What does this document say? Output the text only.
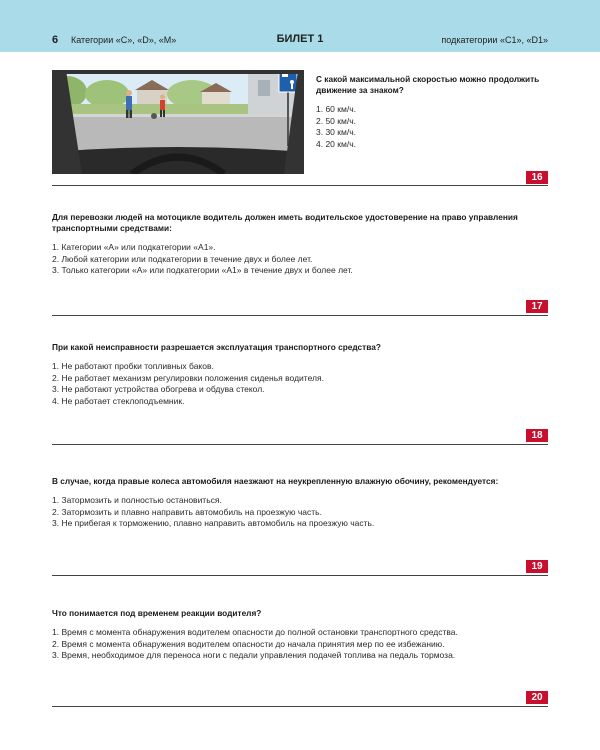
6 Категории «С», «D», «M»	БИЛЕТ 1	подкатегории «С1», «D1»

С какой максимальной скоростью можно продолжить движение за знаком?

1. 60 км/ч.
2. 50 км/ч.
3. 30 км/ч.
4. 20 км/ч.
16

Для перевозки людей на мотоцикле водитель должен иметь водительское удостоверение на право управления транспортными средствами:

1. Категории «А» или подкатегории «А1».
2. Любой категории или подкатегории в течение двух и более лет.
3. Только категории «А» или подкатегории «А1» в течение двух и более лет.
17

При какой неисправности разрешается эксплуатация транспортного средства?

1. Не работают пробки топливных баков.
2. Не работает механизм регулировки положения сиденья водителя.
3. Не работают устройства обогрева и обдува стекол.
4. Не работает стеклоподъемник.
18

В случае, когда правые колеса автомобиля наезжают на неукрепленную влажную обочину, рекомендуется:

1. Затормозить и полностью остановиться.
2. Затормозить и плавно направить автомобиль на проезжую часть.
3. Не прибегая к торможению, плавно направить автомобиль на проезжую часть.
19

Что понимается под временем реакции водителя?

1. Время с момента обнаружения водителем опасности до полной остановки транспортного средства.
2. Время с момента обнаружения водителем опасности до начала принятия мер по ее избежанию.
3. Время, необходимое для переноса ноги с педали управления подачей топлива на педаль тормоза.
20
